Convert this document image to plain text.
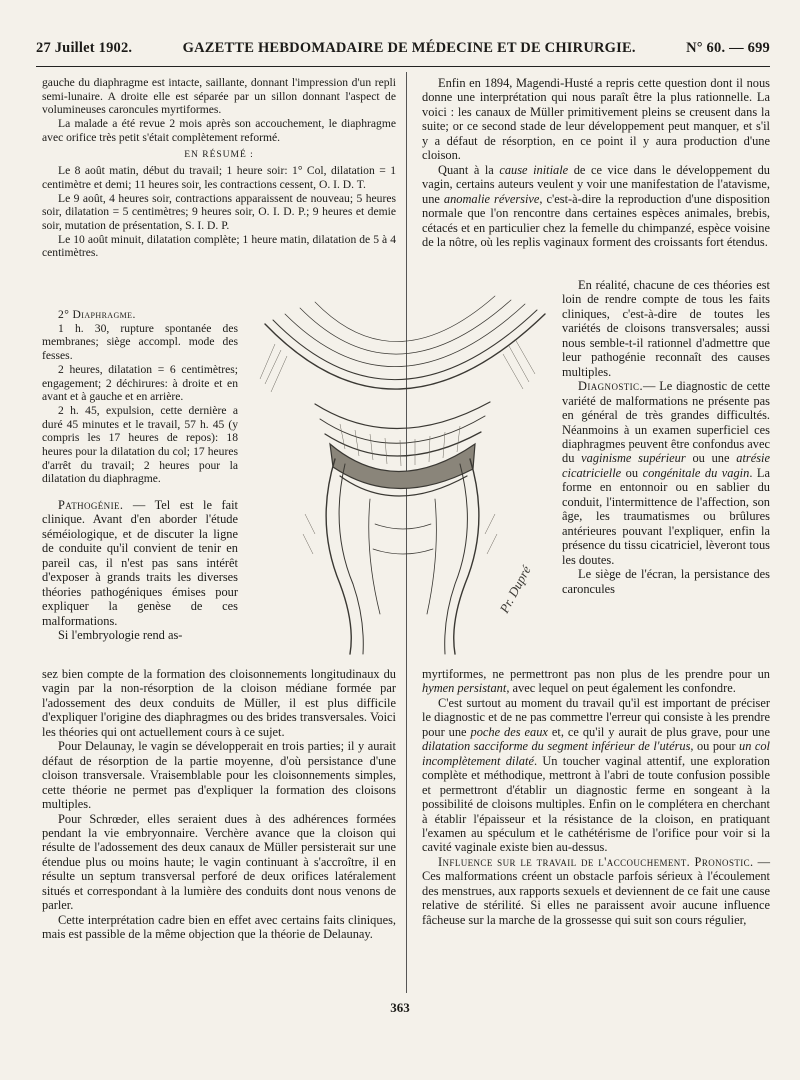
27 Juillet 1902.	GAZETTE HEBDOMADAIRE DE MÉDECINE ET DE CHIRURGIE.	N° 60. — 699

gauche du diaphragme est intacte, saillante, donnant l'impression d'un repli semi-lunaire. A droite elle est séparée par un sillon donnant l'aspect de volumineuses caroncules myrtiformes.

La malade a été revue 2 mois après son accouchement, le diaphragme avec orifice très petit s'était complètement reformé.

EN RÉSUMÉ :

Le 8 août matin, début du travail; 1 heure soir: 1° Col, dilatation = 1 centimètre et demi; 11 heures soir, les contractions cessent, O. I. D. T.

Le 9 août, 4 heures soir, contractions apparaissent de nouveau; 5 heures soir, dilatation = 5 centimètres; 9 heures soir, O. I. D. P.; 9 heures et demie soir, mutation de présentation, S. I. D. P.

Le 10 août minuit, dilatation complète; 1 heure matin, dilatation de 5 à 4 centimètres.

2° Diaphragme.

1 h. 30, rupture spontanée des membranes; siège accompl. mode des fesses.

2 heures, dilatation = 6 centimètres; engagement; 2 déchirures: à droite et en avant et à gauche et en arrière.

2 h. 45, expulsion, cette dernière a duré 45 minutes et le travail, 57 h. 45 (y compris les 17 heures de repos): 18 heures pour la dilatation du col; 17 heures d'arrêt du travail; 2 heures pour la dilatation du diaphragme.

Pathogénie. — Tel est le fait clinique. Avant d'en aborder l'étude séméiologique, et de discuter la ligne de conduite qu'il convient de tenir en pareil cas, il n'est pas sans intérêt d'exposer à grands traits les diverses théories pathogéniques émises pour expliquer la genèse de ces malformations.

Si l'embryologie rend as-

sez bien compte de la formation des cloisonnements longitudinaux du vagin par la non-résorption de la cloison médiane formée par l'adossement des deux conduits de Müller, il est plus difficile d'expliquer l'origine des diaphragmes ou des brides transversales. Voici les théories qui ont actuellement cours à ce sujet.

Pour Delaunay, le vagin se développerait en trois parties; il y aurait défaut de résorption de la partie moyenne, d'où persistance d'une cloison transversale. Vraisemblable pour les cloisonnements simples, cette théorie ne permet pas d'expliquer la formation des cloisons multiples.

Pour Schrœder, elles seraient dues à des adhérences formées pendant la vie embryonnaire. Verchère avance que la cloison qui résulte de l'adossement des deux canaux de Müller persisterait sur une étendue plus ou moins haute; le vagin continuant à s'accroître, il en résulte un septum transversal perforé de deux orifices latéralement situés et correspondant à la lumière des conduits dont nous venons de parler.

Cette interprétation cadre bien en effet avec certains faits cliniques, mais est passible de la même objection que la théorie de Delaunay.

Enfin en 1894, Magendi-Husté a repris cette question dont il nous donne une interprétation qui nous paraît être la plus rationnelle. La voici : les canaux de Müller primitivement pleins se creusent dans la suite; or ce second stade de leur développement peut manquer, et s'il y a défaut de résorption, en ce point il y aura production d'une cloison.

Quant à la cause initiale de ce vice dans le développement du vagin, certains auteurs veulent y voir une manifestation de l'atavisme, une anomalie réversive, c'est-à-dire la reproduction d'une disposition normale que l'on rencontre dans certaines espèces animales, brebis, cétacés et en particulier chez la femelle du chimpanzé, espèce voisine de la nôtre, où les replis vaginaux forment des croissants fort étendus.

En réalité, chacune de ces théories est loin de rendre compte de tous les faits cliniques, c'est-à-dire de toutes les variétés de cloisons transversales; aussi nous semble-t-il rationnel d'admettre que leur pathogénie reconnaît des causes multiples.

Diagnostic.— Le diagnostic de cette variété de malformations ne présente pas en général de très grandes difficultés. Néanmoins à un examen superficiel ces diaphragmes peuvent être confondus avec du vaginisme supérieur ou une atrésie cicatricielle ou congénitale du vagin. La forme en entonnoir ou en sablier du conduit, l'intermittence de l'affection, son âge, les traumatismes ou brûlures antérieures pouvant l'expliquer, enfin la présence du tissu cicatriciel, lèveront tous les doutes.

Le siège de l'écran, la persistance des caroncules

myrtiformes, ne permettront pas non plus de les prendre pour un hymen persistant, avec lequel on peut également les confondre.

C'est surtout au moment du travail qu'il est important de préciser le diagnostic et de ne pas commettre l'erreur qui consiste à les prendre pour une poche des eaux et, ce qu'il y aurait de plus grave, pour une dilatation sacciforme du segment inférieur de l'utérus, ou pour un col incomplètement dilaté. Un toucher vaginal attentif, une exploration complète et méthodique, mettront à l'abri de toute confusion possible et permettront d'établir un diagnostic ferme en songeant à la possibilité de cloisons multiples. Enfin on le complétera en cherchant à établir l'épaisseur et la résistance de la cloison, en pratiquant l'examen au spéculum et le cathétérisme de l'orifice pour voir si la cavité vaginale existe bien au-dessus.

Influence sur le travail de l'accouchement. Pronostic. — Ces malformations créent un obstacle parfois sérieux à l'écoulement des menstrues, aux rapports sexuels et deviennent de ce fait une cause relative de stérilité. Si elles ne paraissent avoir aucune influence fâcheuse sur la marche de la grossesse qui suit son cours régulier,

Pr. Dupré
363
